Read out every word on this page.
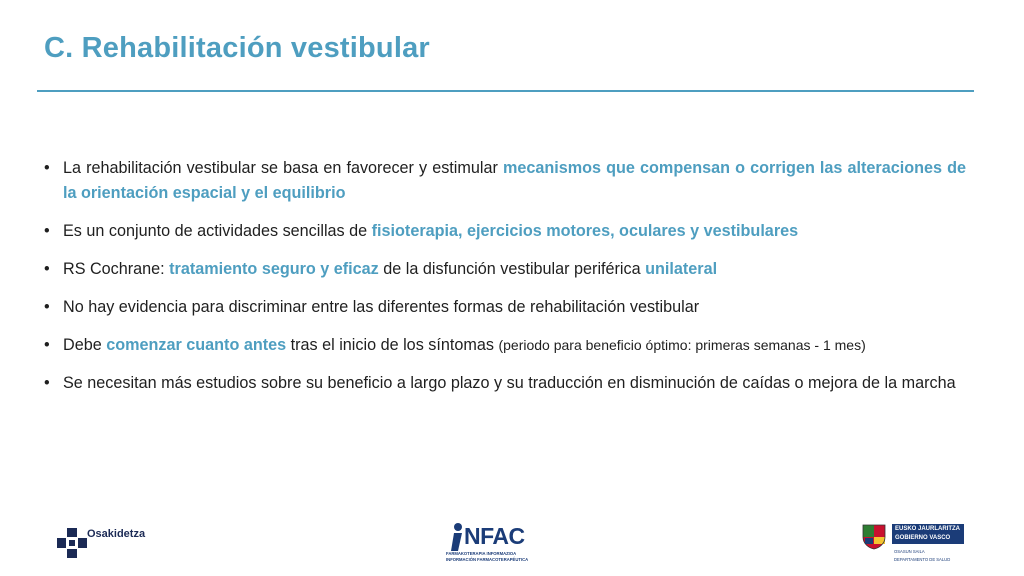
C. Rehabilitación vestibular
• La rehabilitación vestibular se basa en favorecer y estimular mecanismos que compensan o corrigen las alteraciones de la orientación espacial y el equilibrio
• Es un conjunto de actividades sencillas de fisioterapia, ejercicios motores, oculares y vestibulares
• RS Cochrane: tratamiento seguro y eficaz de la disfunción vestibular periférica unilateral
• No hay evidencia para discriminar entre las diferentes formas de rehabilitación vestibular
• Debe comenzar cuanto antes tras el inicio de los síntomas (periodo para beneficio óptimo: primeras semanas - 1 mes)
• Se necesitan más estudios sobre su beneficio a largo plazo y su traducción en disminución de caídas o mejora de la marcha
Osakidetza	NFAC
FARMAKOTERAPIA INFORMAZIOA
INFORMACIÓN FARMACOTERAPÉUTICA
EUSKO JAURLARITZA
GOBIERNO VASCO
OSASUN SAILA
DEPARTAMENTO DE SALUD
